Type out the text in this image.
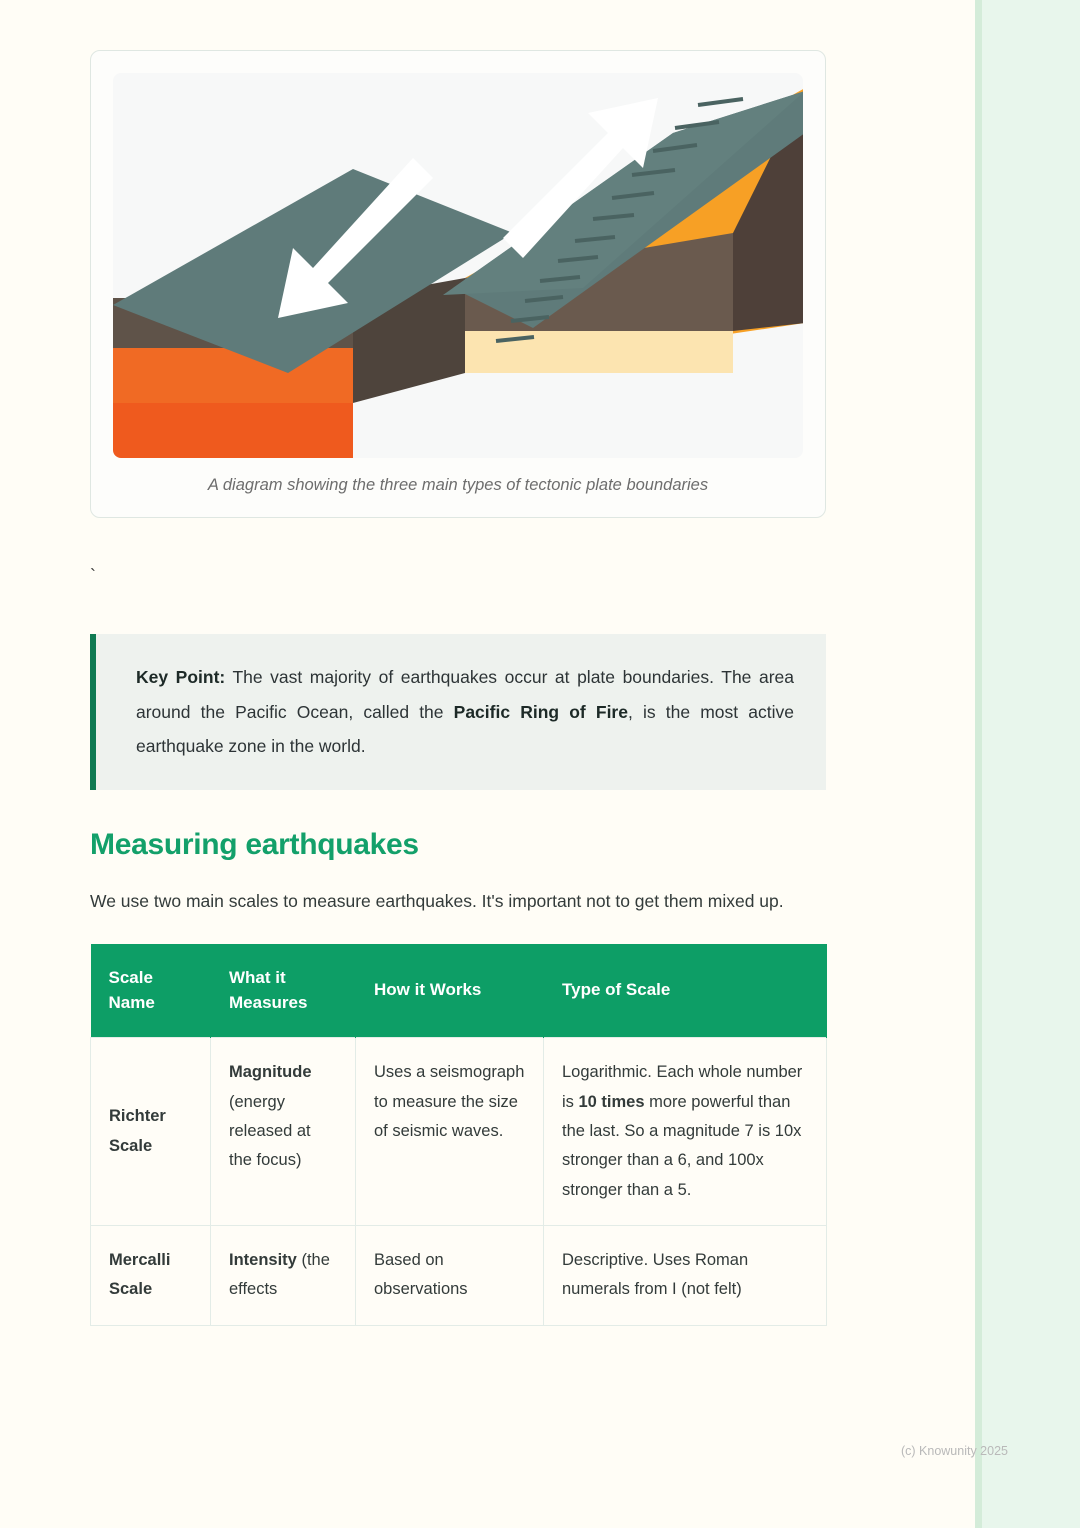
A diagram showing the three main types of tectonic plate boundaries
`
Key Point: The vast majority of earthquakes occur at plate boundaries. The area around the Pacific Ocean, called the Pacific Ring of Fire, is the most active earthquake zone in the world.
Measuring earthquakes

We use two main scales to measure earthquakes. It's important not to get them mixed up.

Scale Name	What it Measures	How it Works	Type of Scale
Richter Scale	Magnitude (energy released at the focus)	Uses a seismograph to measure the size of seismic waves.	Logarithmic. Each whole number is 10 times more powerful than the last. So a magnitude 7 is 10x stronger than a 6, and 100x stronger than a 5.
Mercalli Scale	Intensity (the effects	Based on observations	Descriptive. Uses Roman numerals from I (not felt)
(c) Knowunity 2025
